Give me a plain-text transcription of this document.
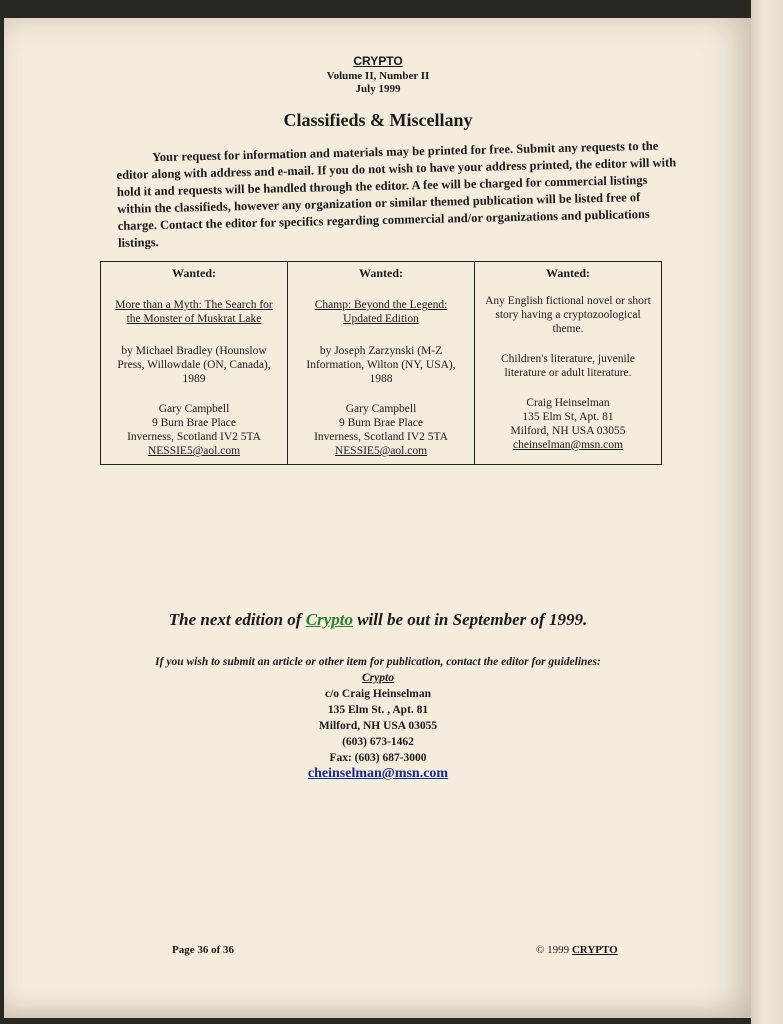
CRYPTO
Volume II, Number II
July 1999
Classifieds & Miscellany
Your request for information and materials may be printed for free. Submit any requests to the editor along with address and e-mail. If you do not wish to have your address printed, the editor will with hold it and requests will be handled through the editor. A fee will be charged for commercial listings within the classifieds, however any organization or similar themed publication will be listed free of charge. Contact the editor for specifics regarding commercial and/or organizations and publications listings.
Wanted:
More than a Myth: The Search for the Monster of Muskrat Lake
by Michael Bradley (Hounslow Press, Willowdale (ON, Canada), 1989
Gary Campbell
9 Burn Brae Place
Inverness, Scotland IV2 5TA
NESSIE5@aol.com

Wanted:
Champ: Beyond the Legend: Updated Edition
by Joseph Zarzynski (M-Z Information, Wilton (NY, USA), 1988
Gary Campbell
9 Burn Brae Place
Inverness, Scotland IV2 5TA
NESSIE5@aol.com

Wanted:
Any English fictional novel or short story having a cryptozoological theme.
Children's literature, juvenile literature or adult literature.
Craig Heinselman
135 Elm St, Apt. 81
Milford, NH USA 03055
cheinselman@msn.com
The next edition of Crypto will be out in September of 1999.
If you wish to submit an article or other item for publication, contact the editor for guidelines:
Crypto
c/o Craig Heinselman
135 Elm St. , Apt. 81
Milford, NH USA 03055
(603) 673-1462
Fax: (603) 687-3000
cheinselman@msn.com
Page 36 of 36	© 1999 CRYPTO
